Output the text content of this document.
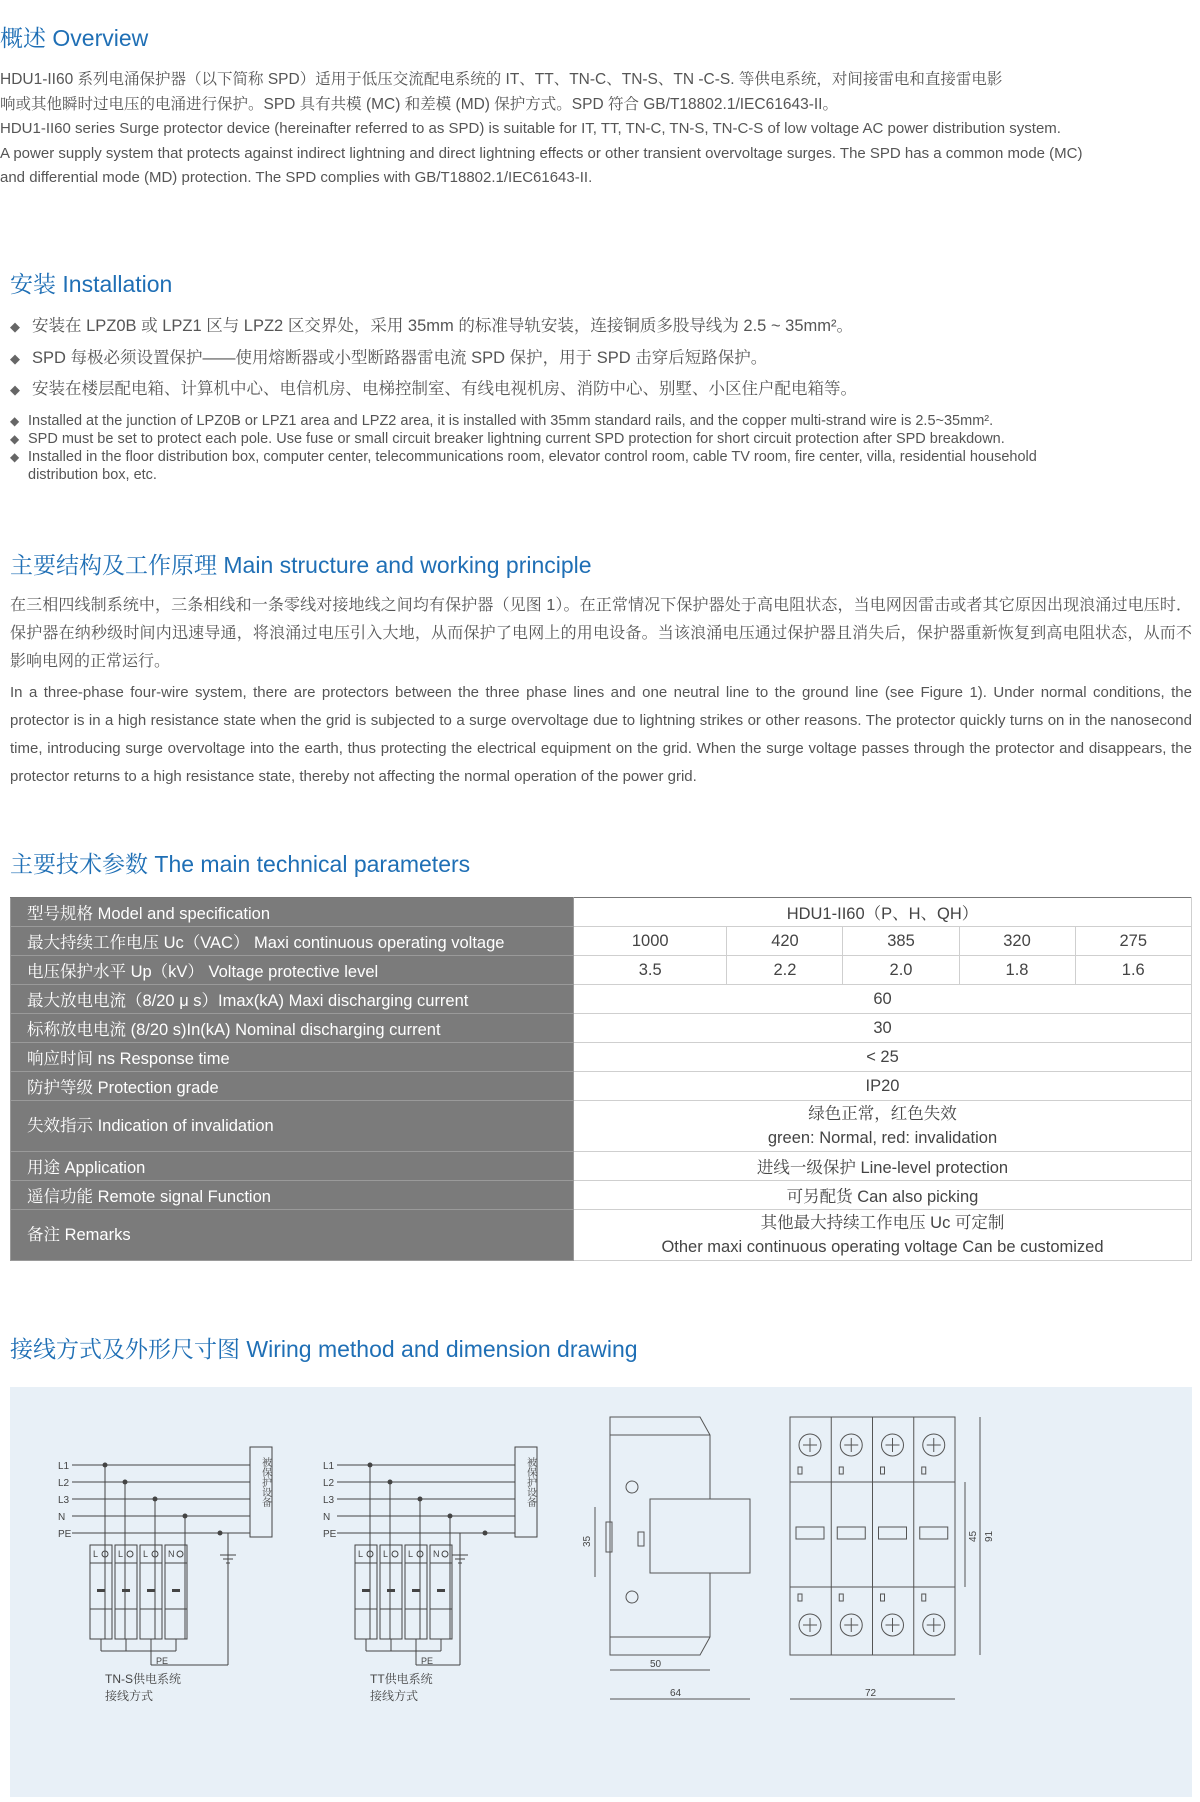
概述 Overview
HDU1-II60 系列电涌保护器（以下简称 SPD）适用于低压交流配电系统的 IT、TT、TN-C、TN-S、TN -C-S. 等供电系统，对间接雷电和直接雷电影
响或其他瞬时过电压的电涌进行保护。SPD 具有共模 (MC) 和差模 (MD) 保护方式。SPD 符合 GB/T18802.1/IEC61643-II。
HDU1-II60 series Surge protector device (hereinafter referred to as SPD) is suitable for IT, TT, TN-C, TN-S, TN-C-S of low voltage AC power distribution system.
A power supply system that protects against indirect lightning and direct lightning effects or other transient overvoltage surges. The SPD has a common mode (MC)
and differential mode (MD) protection. The SPD complies with GB/T18802.1/IEC61643-II.
安装 Installation
◆ 安装在 LPZ0B 或 LPZ1 区与 LPZ2 区交界处，采用 35mm 的标准导轨安装，连接铜质多股导线为 2.5 ~ 35mm²。
◆ SPD 每极必须设置保护——使用熔断器或小型断路器雷电流 SPD 保护，用于 SPD 击穿后短路保护。
◆ 安装在楼层配电箱、计算机中心、电信机房、电梯控制室、有线电视机房、消防中心、别墅、小区住户配电箱等。
◆ Installed at the junction of LPZ0B or LPZ1 area and LPZ2 area, it is installed with 35mm standard rails, and the copper multi-strand wire is 2.5~35mm².
◆ SPD must be set to protect each pole. Use fuse or small circuit breaker lightning current SPD protection for short circuit protection after SPD breakdown.
◆ Installed in the floor distribution box, computer center, telecommunications room, elevator control room, cable TV room, fire center, villa, residential household
distribution box, etc.
主要结构及工作原理 Main structure and working principle
在三相四线制系统中，三条相线和一条零线对接地线之间均有保护器（见图 1）。在正常情况下保护器处于高电阻状态，当电网因雷击或者其它原因出现浪涌过电压时．保护器在纳秒级时间内迅速导通，将浪涌过电压引入大地，从而保护了电网上的用电设备。当该浪涌电压通过保护器且消失后，保护器重新恢复到高电阻状态，从而不影响电网的正常运行。
In a three-phase four-wire system, there are protectors between the three phase lines and one neutral line to the ground line (see Figure 1). Under normal conditions, the protector is in a high resistance state when the grid is subjected to a surge overvoltage due to lightning strikes or other reasons. The protector quickly turns on in the nanosecond time, introducing surge overvoltage into the earth, thus protecting the electrical equipment on the grid. When the surge voltage passes through the protector and disappears, the protector returns to a high resistance state, thereby not affecting the normal operation of the power grid.
主要技术参数 The main technical parameters
型号规格 Model and specification	HDU1-II60（P、H、QH）				
最大持续工作电压 Uc（VAC） Maxi continuous operating voltage	1000	420	385	320	275
电压保护水平 Up（kV） Voltage protective level	3.5	2.2	2.0	1.8	1.6
最大放电电流（8/20 μ s）Imax(kA) Maxi discharging current	60				
标称放电电流 (8/20 s)In(kA) Nominal discharging current	30				
响应时间 ns Response time	< 25				
防护等级 Protection grade	IP20				
失效指示 Indication of invalidation	绿色正常，红色失效
green: Normal, red: invalidation				

用途 Application	进线一级保护 Line-level protection				
遥信功能 Remote signal Function	可另配货 Can also picking				
备注 Remarks	其他最大持续工作电压 Uc 可定制
Other maxi continuous operating voltage Can be customized				
接线方式及外形尺寸图 Wiring method and dimension drawing
L1
L2
L3
N
PE
被保护设备
L L L N
PE
TN-S供电系统
接线方式
L1
L2
L3
N
PE
被保护设备
L L L N
PE
TT供电系统
接线方式
35
50
64
45 91
72
